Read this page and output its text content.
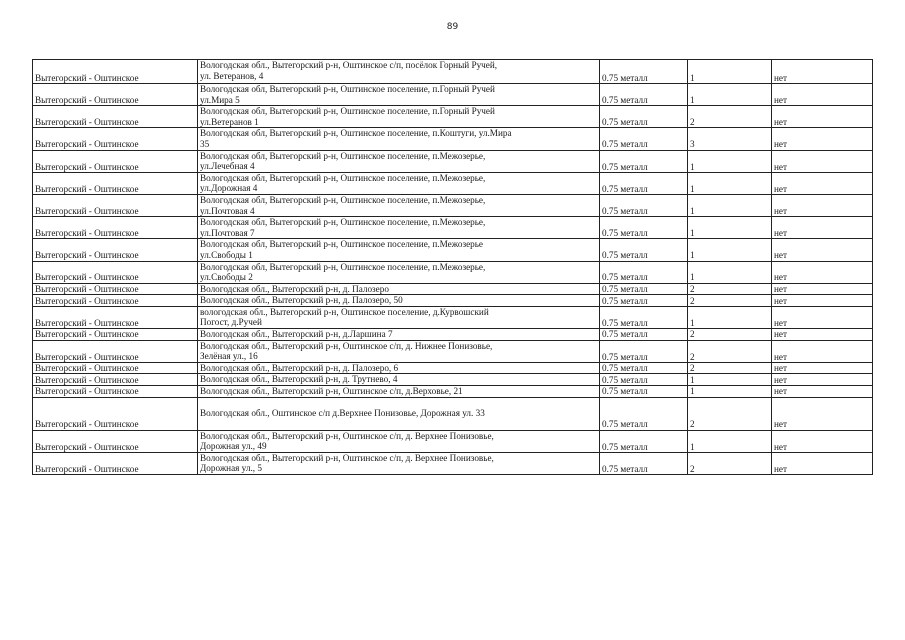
89
Вытегорский - Оштинское	Вологодская обл., Вытегорский р-н, Оштинское с/п, посёлок Горный Ручей,
ул. Ветеранов, 4	0.75 металл	1	нет
Вытегорский - Оштинское	Вологодская обл, Вытегорский р-н, Оштинское поселение, п.Горный Ручей
ул.Мира 5	0.75 металл	1	нет
Вытегорский - Оштинское	Вологодская обл, Вытегорский р-н, Оштинское поселение, п.Горный Ручей
ул.Ветеранов 1	0.75 металл	2	нет
Вытегорский - Оштинское	Вологодская обл, Вытегорский р-н, Оштинское поселение, п.Коштуги, ул.Мира
35	0.75 металл	3	нет
Вытегорский - Оштинское	Вологодская обл, Вытегорский р-н, Оштинское поселение, п.Межозерье,
ул.Лечебная 4	0.75 металл	1	нет
Вытегорский - Оштинское	Вологодская обл, Вытегорский р-н, Оштинское поселение, п.Межозерье,
ул.Дорожная 4	0.75 металл	1	нет
Вытегорский - Оштинское	Вологодская обл, Вытегорский р-н, Оштинское поселение, п.Межозерье,
ул.Почтовая 4	0.75 металл	1	нет
Вытегорский - Оштинское	Вологодская обл, Вытегорский р-н, Оштинское поселение, п.Межозерье,
ул.Почтовая 7	0.75 металл	1	нет
Вытегорский - Оштинское	Вологодская обл, Вытегорский р-н, Оштинское поселение, п.Межозерье
ул.Свободы 1	0.75 металл	1	нет
Вытегорский - Оштинское	Вологодская обл, Вытегорский р-н, Оштинское поселение, п.Межозерье,
ул.Свободы 2	0.75 металл	1	нет
Вытегорский - Оштинское	Вологодская обл., Вытегорский р-н, д. Палозеро	0.75 металл	2	нет
Вытегорский - Оштинское	Вологодская обл., Вытегорский р-н, д. Палозеро, 50	0.75 металл	2	нет
Вытегорский - Оштинское	вологодская обл., Вытегорский р-н, Оштинское поселение, д.Курвошский
Погост, д.Ручей	0.75 металл	1	нет
Вытегорский - Оштинское	Вологодская обл., Вытегорский р-н, д.Ларшина 7	0.75 металл	2	нет
Вытегорский - Оштинское	Вологодская обл., Вытегорский р-н, Оштинское с/п, д. Нижнее Понизовье,
Зелёная ул., 16	0.75 металл	2	нет
Вытегорский - Оштинское	Вологодская обл., Вытегорский р-н, д. Палозеро, 6	0.75 металл	2	нет
Вытегорский - Оштинское	Вологодская обл., Вытегорский р-н, д. Трутнево, 4	0.75 металл	1	нет
Вытегорский - Оштинское	Вологодская обл., Вытегорский р-н, Оштинское с/п, д.Верховье, 21	0.75 металл	1	нет
Вытегорский - Оштинское	Вологодская обл., Оштинское с/п д.Верхнее Понизовье, Дорожная ул. 33	0.75 металл	2	нет
Вытегорский - Оштинское	Вологодская обл., Вытегорский р-н, Оштинское с/п, д. Верхнее Понизовье,
Дорожная ул., 49	0.75 металл	1	нет
Вытегорский - Оштинское	Вологодская обл., Вытегорский р-н, Оштинское с/п, д. Верхнее Понизовье,
Дорожная ул., 5	0.75 металл	2	нет
